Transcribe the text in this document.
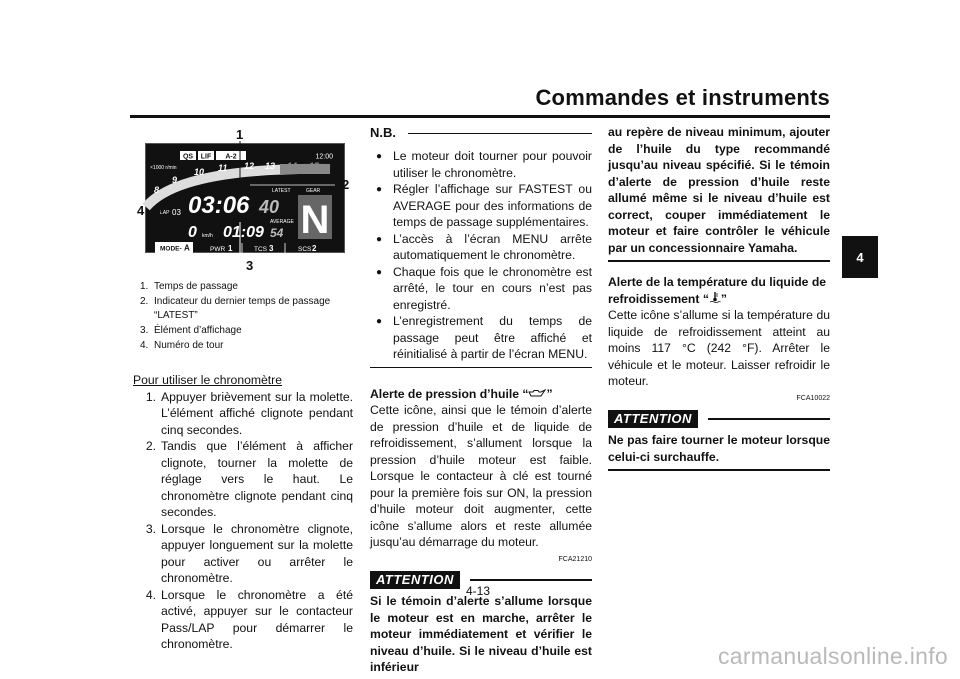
Commandes et instruments
4
QS LIF A-2	12:00
×1000 r/min
8
9
10 11 12 13 14 15
03:06 40
LATEST	GEAR
N
LAP 03
0 km/h
AVERAGE
01:09 54
MODE- A	PWR 1	TCS 3	SCS 2
1
2
3
4
1. Temps de passage
2. Indicateur du dernier temps de passage “LATEST”
3. Élément d’affichage
4. Numéro de tour
Pour utiliser le chronomètre
1. Appuyer brièvement sur la molette. L’élément affiché clignote pendant cinq secondes.
2. Tandis que l’élément à afficher clignote, tourner la molette de réglage vers le haut. Le chronomètre clignote pendant cinq secondes.
3. Lorsque le chronomètre clignote, appuyer longuement sur la molette pour activer ou arrêter le chronomètre.
4. Lorsque le chronomètre a été activé, appuyer sur le contacteur Pass/LAP pour démarrer le chronomètre.
N.B.
● Le moteur doit tourner pour pouvoir utiliser le chronomètre.
● Régler l’affichage sur FASTEST ou AVERAGE pour des informations de temps de passage supplémentaires.
● L’accès à l’écran MENU arrête automatiquement le chronomètre.
● Chaque fois que le chronomètre est arrêté, le tour en cours n’est pas enregistré.
● L’enregistrement du temps de passage peut être affiché et réinitialisé à partir de l’écran MENU.
Alerte de pression d’huile “ ”
Cette icône, ainsi que le témoin d’alerte de pression d’huile et de liquide de refroidissement, s’allument lorsque la pression d’huile moteur est faible. Lorsque le contacteur à clé est tourné pour la première fois sur ON, la pression d’huile moteur doit augmenter, cette icône s’allume alors et reste allumée jusqu’au démarrage du moteur.
FCA21210
ATTENTION
Si le témoin d’alerte s’allume lorsque le moteur est en marche, arrêter le moteur immédiatement et vérifier le niveau d’huile. Si le niveau d’huile est inférieur
au repère de niveau minimum, ajouter de l’huile du type recommandé jusqu’au niveau spécifié. Si le témoin d’alerte de pression d’huile reste allumé même si le niveau d’huile est correct, couper immédiatement le moteur et faire contrôler le véhicule par un concessionnaire Yamaha.
Alerte de la température du liquide de
refroidissement “ ”
Cette icône s’allume si la température du liquide de refroidissement atteint au moins 117 °C (242 °F). Arrêter le véhicule et le moteur. Laisser refroidir le moteur.
FCA10022
ATTENTION
Ne pas faire tourner le moteur lorsque celui-ci surchauffe.
4-13
carmanualsonline.info
